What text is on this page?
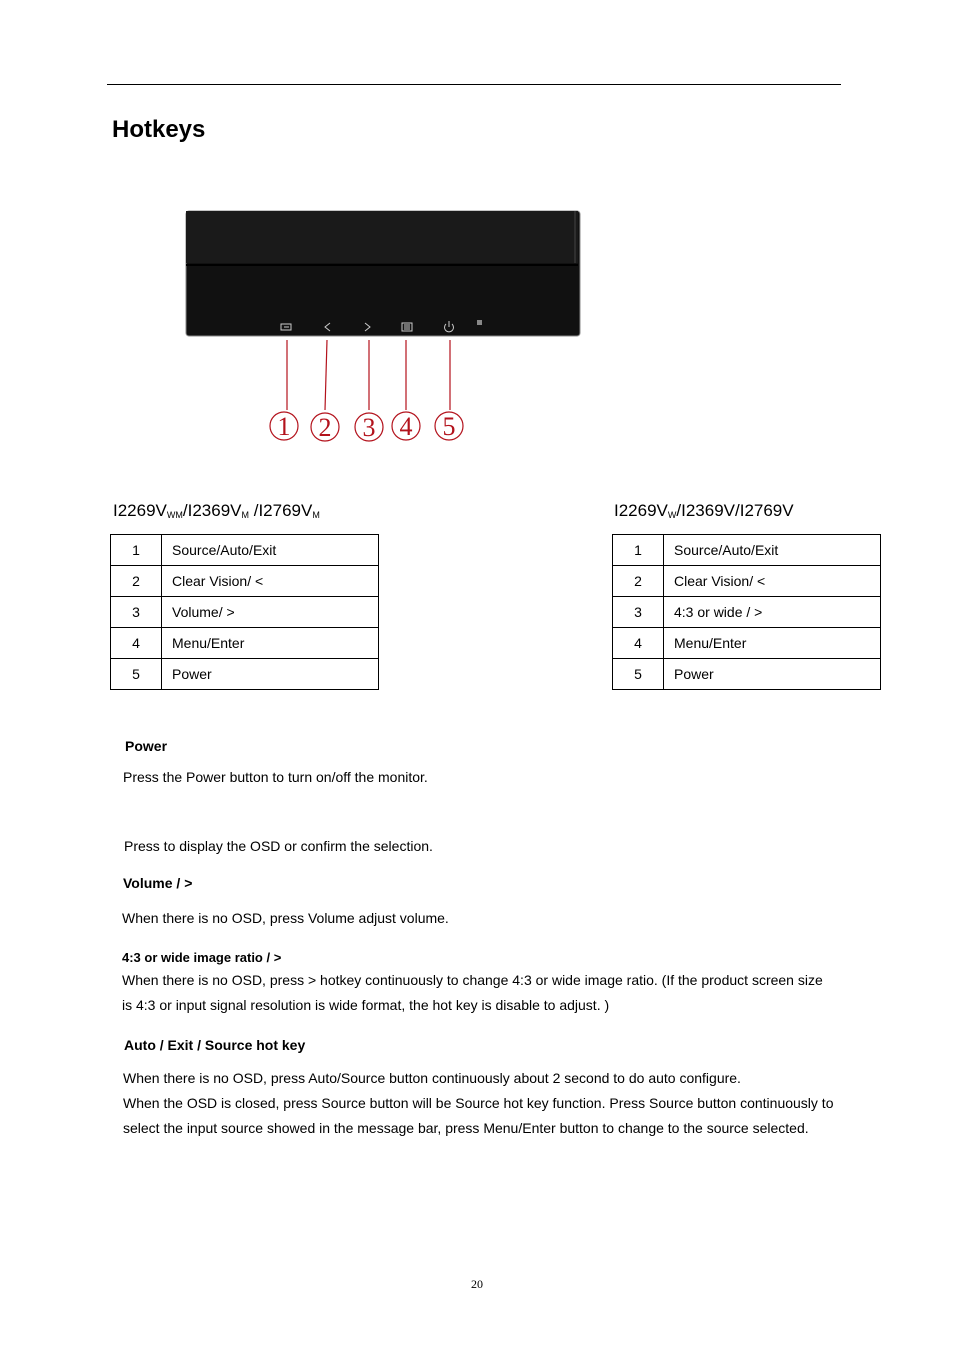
Hotkeys
1 2 3 4 5
$I2269V_{WM}/I2369V_M$ $/I2769V_M$	$I2269V_W/I2369V/I2769V$
1	Source/Auto/Exit
2	Clear Vision/ <
3	Volume/ >
4	Menu/Enter
5	Power
1	Source/Auto/Exit
2	Clear Vision/ <
3	4:3 or wide / >
4	Menu/Enter
5	Power
Power
Press the Power button to turn on/off the monitor.
Press to display the OSD or confirm the selection.
Volume / >
When there is no OSD, press Volume adjust volume.
4:3 or wide image ratio / >
When there is no OSD, press > hotkey continuously to change 4:3 or wide image ratio. (If the product screen size
is 4:3 or input signal resolution is wide format, the hot key is disable to adjust. )
Auto / Exit / Source hot key
When there is no OSD, press Auto/Source button continuously about 2 second to do auto configure.
When the OSD is closed, press Source button will be Source hot key function. Press Source button continuously to
select the input source showed in the message bar, press Menu/Enter button to change to the source selected.
20
